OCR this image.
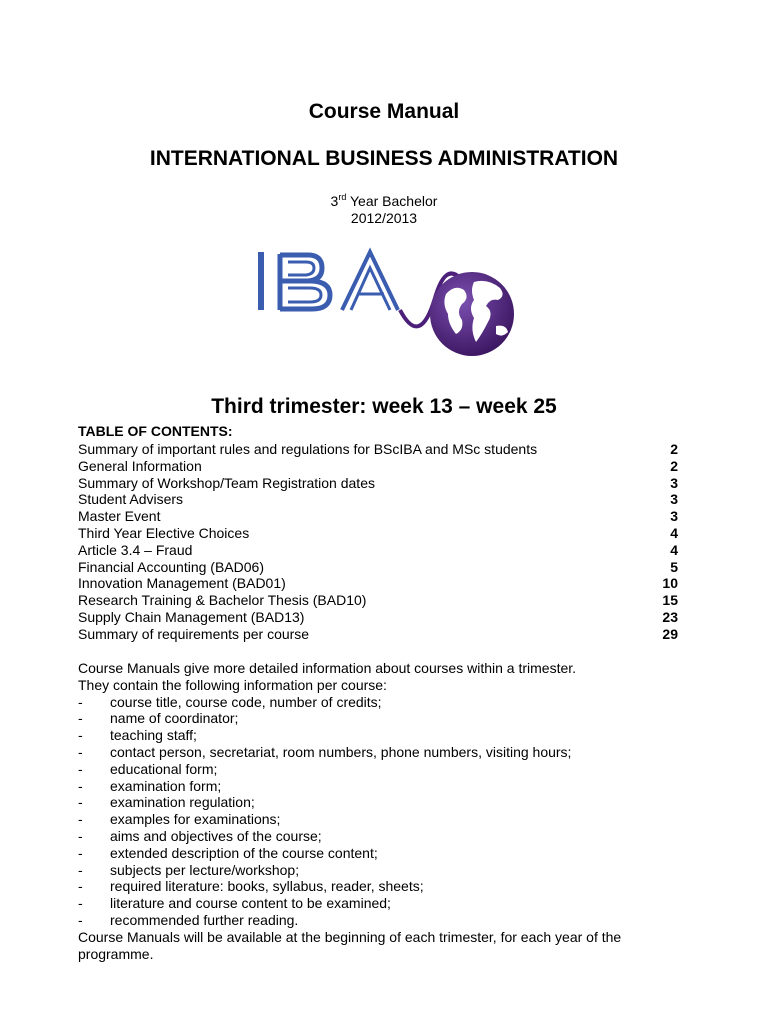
Course Manual
INTERNATIONAL BUSINESS ADMINISTRATION
3rd Year Bachelor
2012/2013
Third trimester: week 13 – week 25
TABLE OF CONTENTS:
Summary of important rules and regulations for BScIBA and MSc students	2
General Information	2
Summary of Workshop/Team Registration dates	3
Student Advisers	3
Master Event	3
Third Year Elective Choices	4
Article 3.4 – Fraud	4
Financial Accounting (BAD06)	5
Innovation Management (BAD01)	10
Research Training & Bachelor Thesis (BAD10)	15
Supply Chain Management (BAD13)	23
Summary of requirements per course	29

Course Manuals give more detailed information about courses within a trimester.

They contain the following information per course:

- course title, course code, number of credits;
- name of coordinator;
- teaching staff;
- contact person, secretariat, room numbers, phone numbers, visiting hours;
- educational form;
- examination form;
- examination regulation;
- examples for examinations;
- aims and objectives of the course;
- extended description of the course content;
- subjects per lecture/workshop;
- required literature: books, syllabus, reader, sheets;
- literature and course content to be examined;
- recommended further reading.

Course Manuals will be available at the beginning of each trimester, for each year of the programme.
